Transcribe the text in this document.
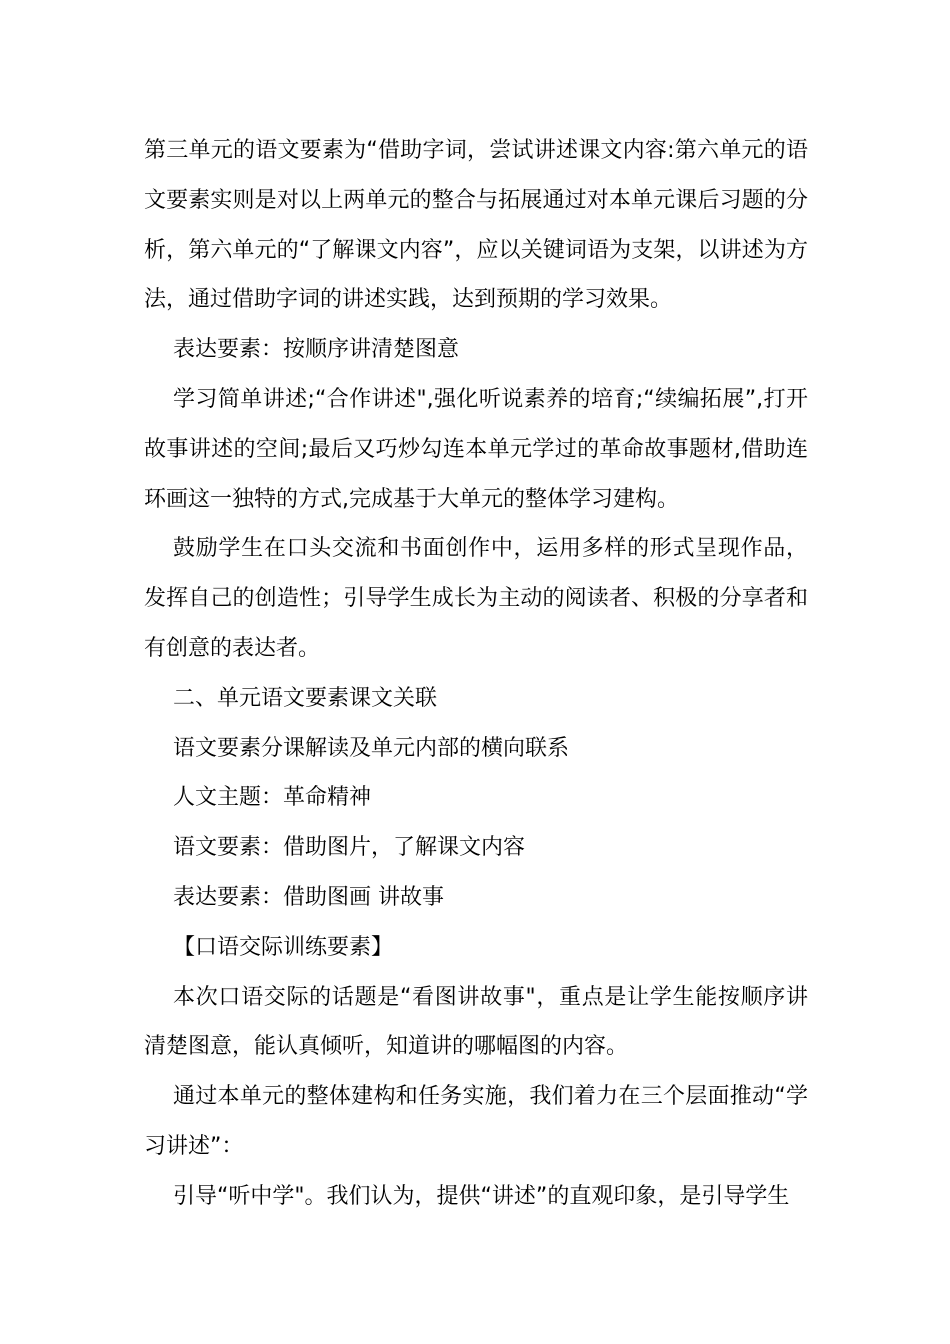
第三单元的语文要素为“借助字词，尝试讲述课文内容:第六单元的语文要素实则是对以上两单元的整合与拓展通过对本单元课后习题的分析，第六单元的“了解课文内容”，应以关键词语为支架，以讲述为方法，通过借助字词的讲述实践，达到预期的学习效果。

表达要素：按顺序讲清楚图意

学习简单讲述;“合作讲述",强化听说素养的培育;“续编拓展”,打开故事讲述的空间;最后又巧炒勾连本单元学过的革命故事题材,借助连环画这一独特的方式,完成基于大单元的整体学习建构。

鼓励学生在口头交流和书面创作中，运用多样的形式呈现作品，发挥自己的创造性；引导学生成长为主动的阅读者、积极的分享者和有创意的表达者。

二、单元语文要素课文关联

语文要素分课解读及单元内部的横向联系

人文主题：革命精神

语文要素：借助图片，了解课文内容

表达要素：借助图画 讲故事

【口语交际训练要素】

本次口语交际的话题是“看图讲故事"，重点是让学生能按顺序讲清楚图意，能认真倾听，知道讲的哪幅图的内容。

通过本单元的整体建构和任务实施，我们着力在三个层面推动“学习讲述”：

引导“听中学"。我们认为，提供“讲述”的直观印象，是引导学生
